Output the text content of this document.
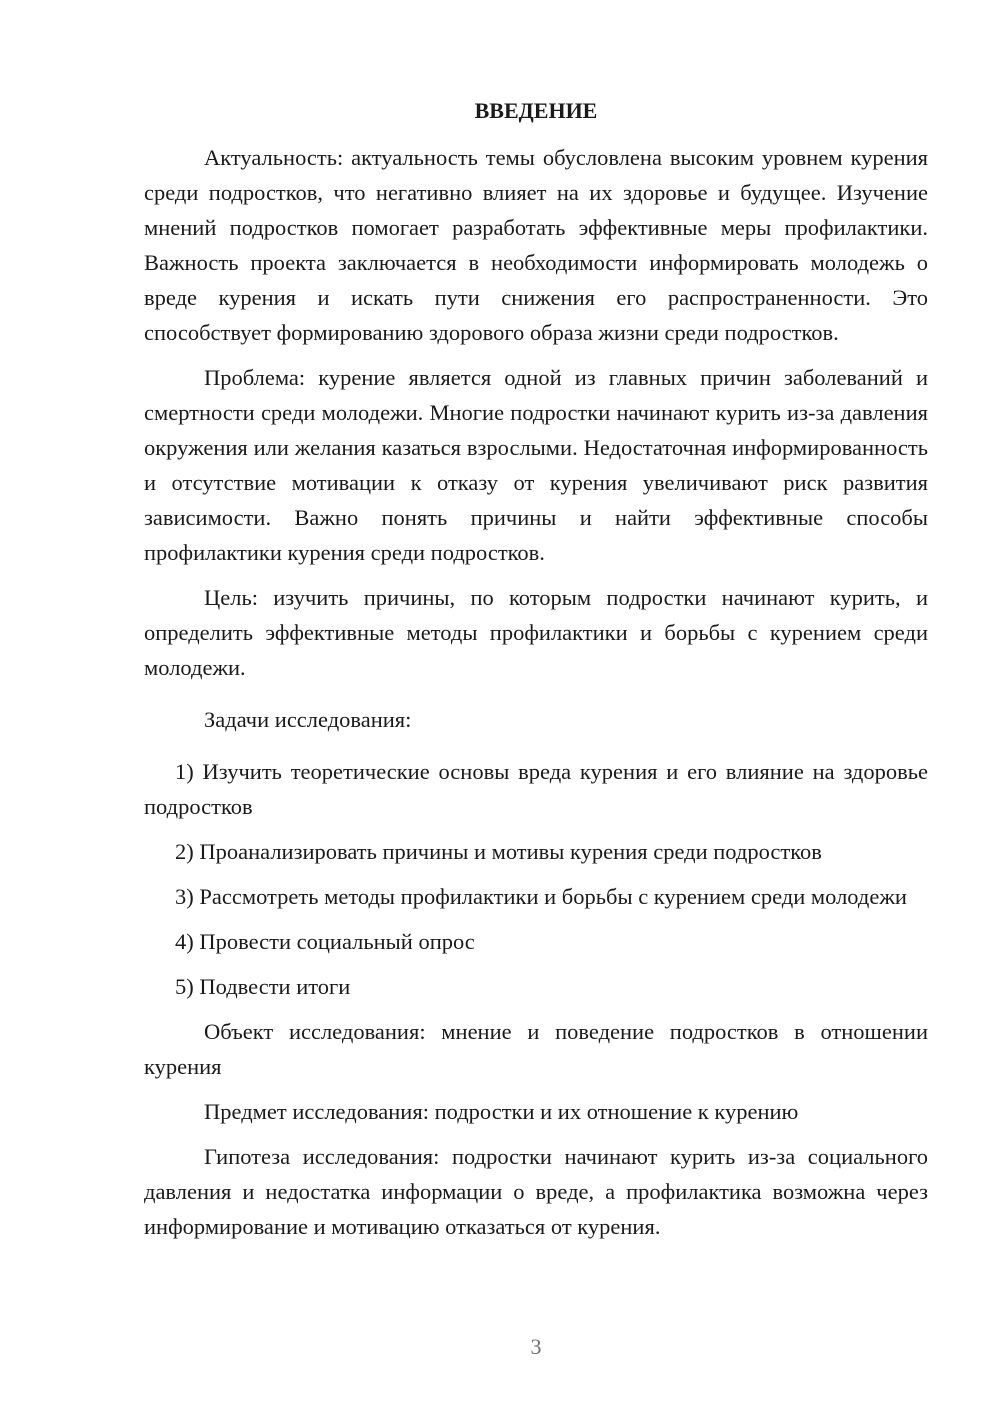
ВВЕДЕНИЕ

Актуальность: актуальность темы обусловлена высоким уровнем курения среди подростков, что негативно влияет на их здоровье и будущее. Изучение мнений подростков помогает разработать эффективные меры профилактики. Важность проекта заключается в необходимости информировать молодежь о вреде курения и искать пути снижения его распространенности. Это способствует формированию здорового образа жизни среди подростков.

Проблема: курение является одной из главных причин заболеваний и смертности среди молодежи. Многие подростки начинают курить из-за давления окружения или желания казаться взрослыми. Недостаточная информированность и отсутствие мотивации к отказу от курения увеличивают риск развития зависимости. Важно понять причины и найти эффективные способы профилактики курения среди подростков.

Цель: изучить причины, по которым подростки начинают курить, и определить эффективные методы профилактики и борьбы с курением среди молодежи.

Задачи исследования:

1) Изучить теоретические основы вреда курения и его влияние на здоровье подростков

2) Проанализировать причины и мотивы курения среди подростков

3) Рассмотреть методы профилактики и борьбы с курением среди молодежи

4) Провести социальный опрос

5) Подвести итоги

Объект исследования: мнение и поведение подростков в отношении курения

Предмет исследования: подростки и их отношение к курению

Гипотеза исследования: подростки начинают курить из-за социального давления и недостатка информации о вреде, а профилактика возможна через информирование и мотивацию отказаться от курения.

3
